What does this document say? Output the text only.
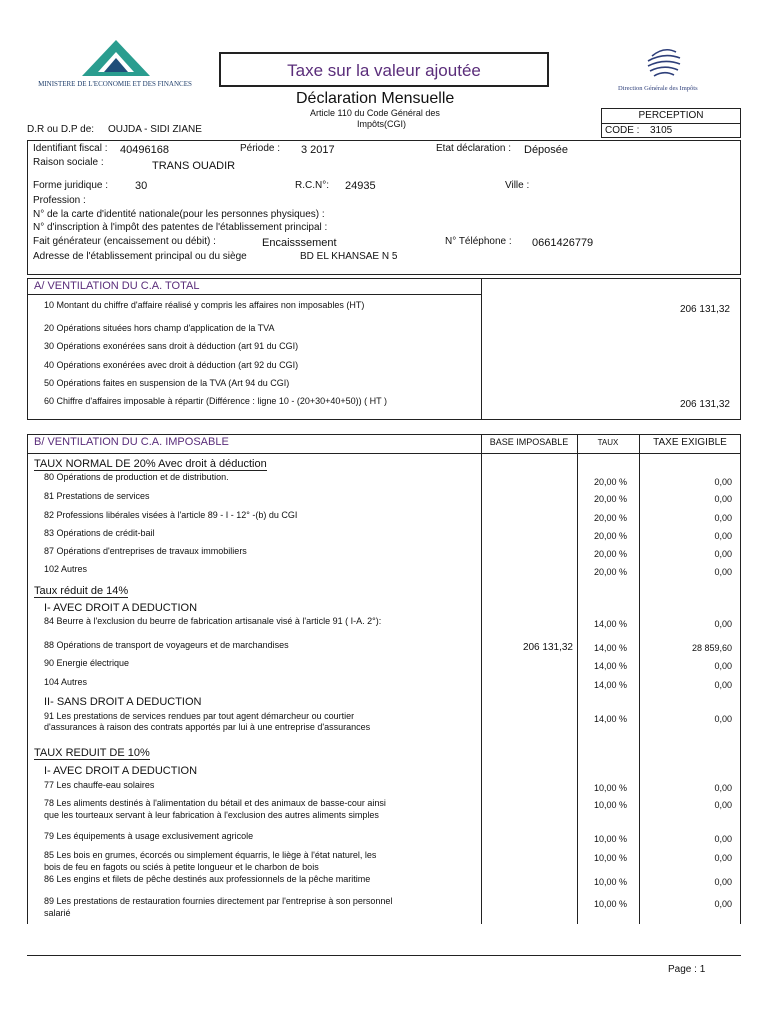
MINISTERE DE L'ECONOMIE ET DES FINANCES
Taxe sur la valeur ajoutée
Direction Générale des Impôts
Déclaration Mensuelle
Article 110 du Code Général des
Impôts(CGI)
PERCEPTION
CODE : 3105
D.R ou D.P de: OUJDA - SIDI ZIANE
Identifiant fiscal : 40496168	Période : 3 2017	Etat déclaration : Déposée
Raison sociale :	TRANS OUADIR
Forme juridique : 30	R.C.N°: 24935	Ville :
Profession :
N° de la carte d'identité nationale(pour les personnes physiques) :
N° d'inscription à l'impôt des patentes de l'établissement principal :
Fait générateur (encaissement ou débit) :	Encaisssement	N° Téléphone : 0661426779
Adresse de l'établissement principal ou du siège	BD EL KHANSAE N 5
A/ VENTILATION DU C.A. TOTAL
10 Montant du chiffre d'affaire réalisé y compris les affaires non imposables (HT)	206 131,32
20 Opérations situées hors champ d'application de la TVA
30 Opérations exonérées sans droit à déduction (art 91 du CGI)
40 Opérations exonérées avec droit à déduction (art 92 du CGI)
50 Opérations faites en suspension de la TVA (Art 94 du CGI)
60 Chiffre d'affaires imposable à répartir (Différence : ligne 10 - (20+30+40+50)) ( HT )	206 131,32
B/ VENTILATION DU C.A. IMPOSABLE	BASE IMPOSABLE	TAUX	TAXE EXIGIBLE
TAUX NORMAL DE 20% Avec droit à déduction
80 Opérations de production et de distribution.	20,00 %	0,00
81 Prestations de services	20,00 %	0,00
82 Professions libérales visées à l'article 89 - I - 12° -(b) du CGI	20,00 %	0,00
83 Opérations de crédit-bail	20,00 %	0,00
87 Opérations d'entreprises de travaux immobiliers	20,00 %	0,00
102 Autres	20,00 %	0,00
Taux réduit de 14%
I- AVEC DROIT A DEDUCTION
84 Beurre à l'exclusion du beurre de fabrication artisanale visé à l'article 91 ( I-A. 2°):	14,00 %	0,00
88 Opérations de transport de voyageurs et de marchandises	206 131,32	14,00 %	28 859,60
90 Energie électrique	14,00 %	0,00
104 Autres	14,00 %	0,00
II- SANS DROIT A DEDUCTION
91 Les prestations de services rendues par tout agent démarcheur ou courtier
d'assurances à raison des contrats apportés par lui à une entreprise d'assurances
14,00 %	0,00
TAUX REDUIT DE 10%
I- AVEC DROIT A DEDUCTION
77 Les chauffe-eau solaires	10,00 %	0,00
78 Les aliments destinés à l'alimentation du bétail et des animaux de basse-cour ainsi
que les tourteaux servant à leur fabrication à l'exclusion des autres aliments simples
10,00 %	0,00
79 Les équipements à usage exclusivement agricole	10,00 %	0,00
85 Les bois en grumes, écorcés ou simplement équarris, le liège à l'état naturel, les
bois de feu en fagots ou sciés à petite longueur et le charbon de bois
10,00 %	0,00
86 Les engins et filets de pêche destinés aux professionnels de la pêche maritime	10,00 %	0,00
89 Les prestations de restauration fournies directement par l'entreprise à son personnel
salarié
10,00 %	0,00
Page : 1
